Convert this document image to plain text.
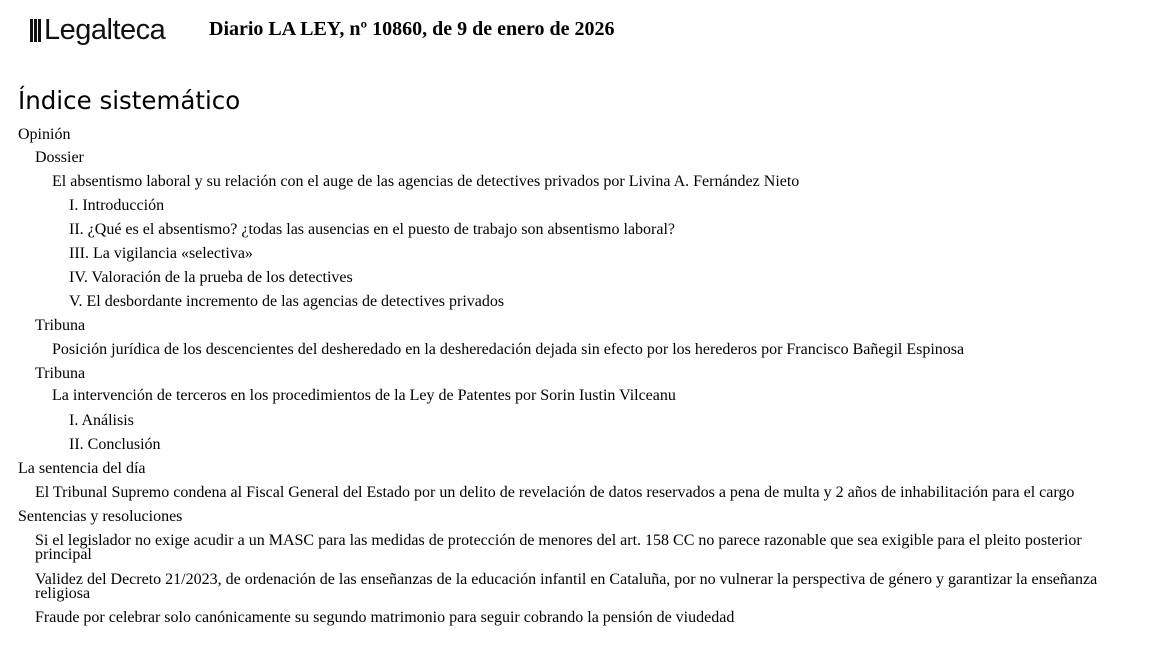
Legalteca Diario LA LEY, nº 10860, de 9 de enero de 2026
Índice sistemático
Opinión
Dossier
El absentismo laboral y su relación con el auge de las agencias de detectives privados por Livina A. Fernández Nieto
I. Introducción
II. ¿Qué es el absentismo? ¿todas las ausencias en el puesto de trabajo son absentismo laboral?
III. La vigilancia «selectiva»
IV. Valoración de la prueba de los detectives
V. El desbordante incremento de las agencias de detectives privados
Tribuna
Posición jurídica de los descencientes del desheredado en la desheredación dejada sin efecto por los herederos por Francisco Bañegil Espinosa
Tribuna
La intervención de terceros en los procedimientos de la Ley de Patentes por Sorin Iustin Vilceanu
I. Análisis
II. Conclusión
La sentencia del día
El Tribunal Supremo condena al Fiscal General del Estado por un delito de revelación de datos reservados a pena de multa y 2 años de inhabilitación para el cargo
Sentencias y resoluciones
Si el legislador no exige acudir a un MASC para las medidas de protección de menores del art. 158 CC no parece razonable que sea exigible para el pleito posterior principal
Validez del Decreto 21/2023, de ordenación de las enseñanzas de la educación infantil en Cataluña, por no vulnerar la perspectiva de género y garantizar la enseñanza religiosa
Fraude por celebrar solo canónicamente su segundo matrimonio para seguir cobrando la pensión de viudedad
